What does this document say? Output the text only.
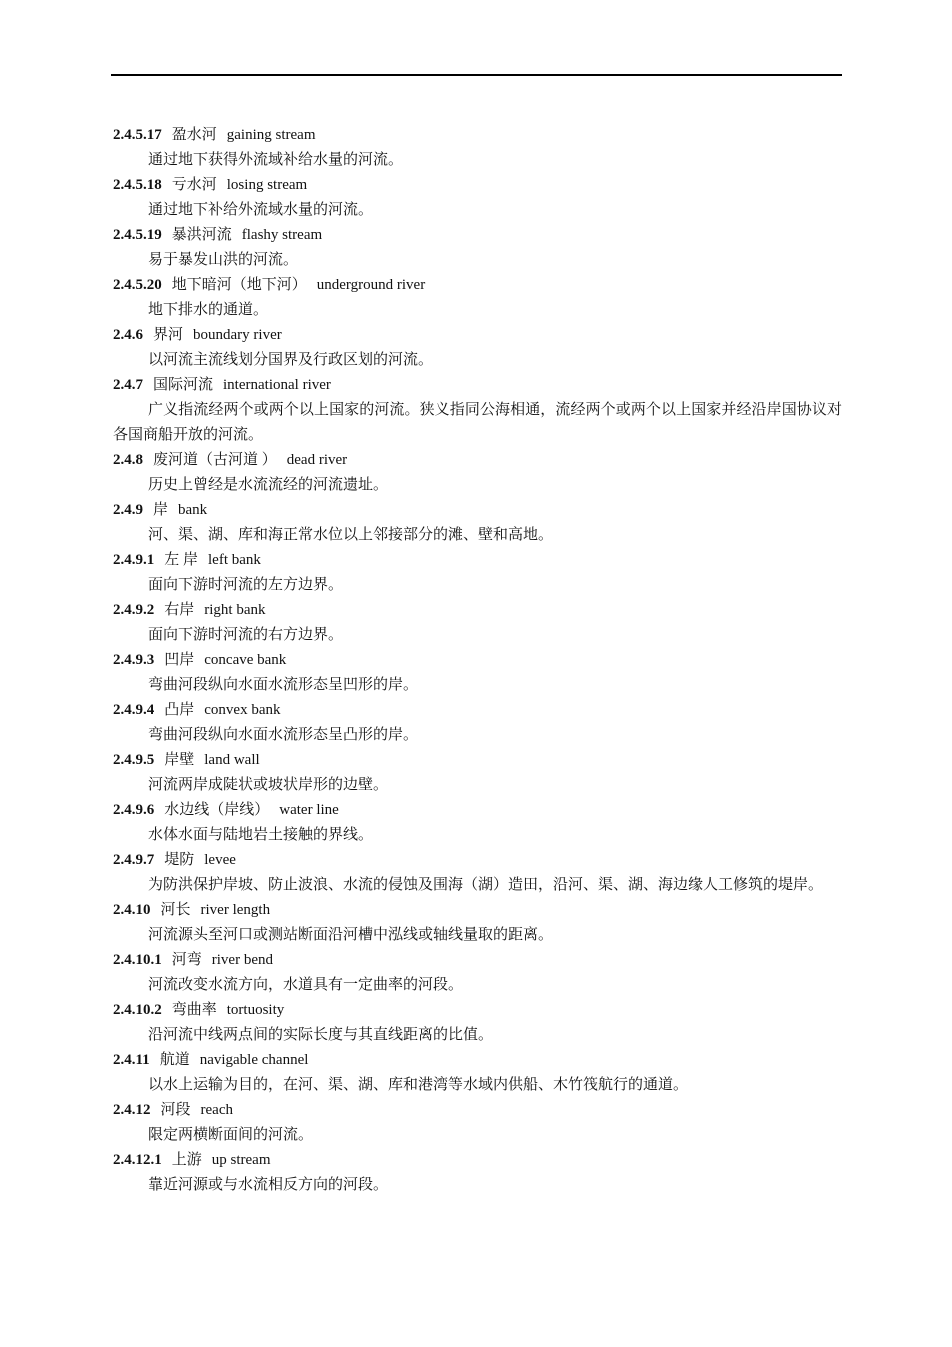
2.4.5.17 盈水河 gaining stream

通过地下获得外流域补给水量的河流。

2.4.5.18 亏水河 losing stream

通过地下补给外流域水量的河流。

2.4.5.19 暴洪河流 flashy stream

易于暴发山洪的河流。

2.4.5.20 地下暗河（地下河） underground river

地下排水的通道。

2.4.6 界河 boundary river

以河流主流线划分国界及行政区划的河流。

2.4.7 国际河流 international river

广义指流经两个或两个以上国家的河流。狭义指同公海相通，流经两个或两个以上国家并经沿岸国协议对各国商船开放的河流。

2.4.8 废河道（古河道 ） dead river

历史上曾经是水流流经的河流遗址。

2.4.9 岸 bank

河、渠、湖、库和海正常水位以上邻接部分的滩、壁和高地。

2.4.9.1 左 岸 left bank

面向下游时河流的左方边界。

2.4.9.2 右岸 right bank

面向下游时河流的右方边界。

2.4.9.3 凹岸 concave bank

弯曲河段纵向水面水流形态呈凹形的岸。

2.4.9.4 凸岸 convex bank

弯曲河段纵向水面水流形态呈凸形的岸。

2.4.9.5 岸壁 land wall

河流两岸成陡状或坡状岸形的边壁。

2.4.9.6 水边线（岸线） water line

水体水面与陆地岩土接触的界线。

2.4.9.7 堤防 levee

为防洪保护岸坡、防止波浪、水流的侵蚀及围海（湖）造田，沿河、渠、湖、海边缘人工修筑的堤岸。

2.4.10 河长 river length

河流源头至河口或测站断面沿河槽中泓线或轴线量取的距离。

2.4.10.1 河弯 river bend

河流改变水流方向，水道具有一定曲率的河段。

2.4.10.2 弯曲率 tortuosity

沿河流中线两点间的实际长度与其直线距离的比值。

2.4.11 航道 navigable channel

以水上运输为目的，在河、渠、湖、库和港湾等水域内供船、木竹筏航行的通道。

2.4.12 河段 reach

限定两横断面间的河流。

2.4.12.1 上游 up stream

靠近河源或与水流相反方向的河段。
